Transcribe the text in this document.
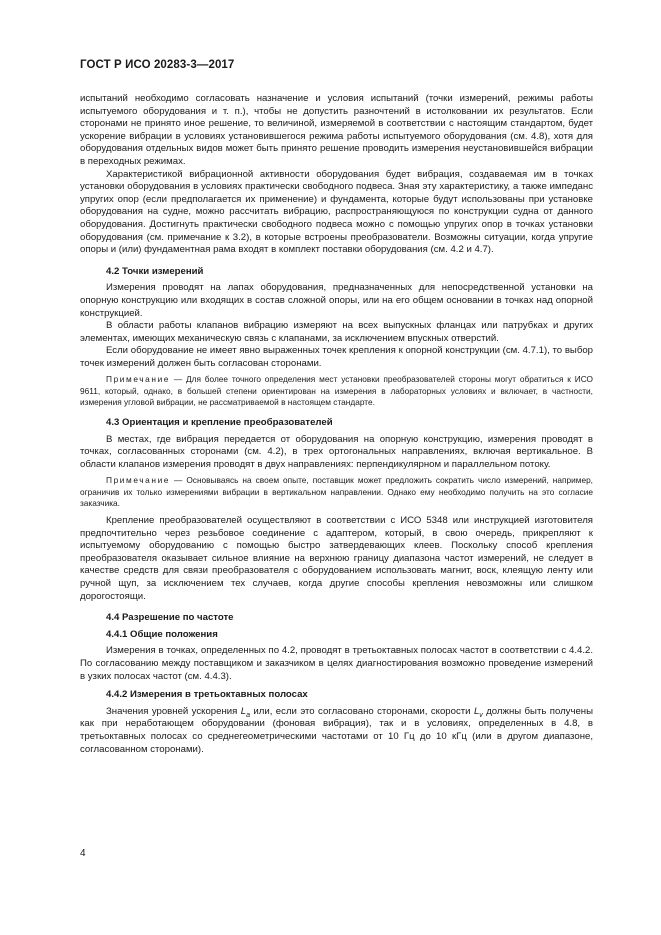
ГОСТ Р ИСО 20283-3—2017

испытаний необходимо согласовать назначение и условия испытаний (точки измерений, режимы работы испытуемого оборудования и т. п.), чтобы не допустить разночтений в истолковании их результатов. Если сторонами не принято иное решение, то величиной, измеряемой в соответствии с настоящим стандартом, будет ускорение вибрации в условиях установившегося режима работы испытуемого оборудования (см. 4.8), хотя для оборудования отдельных видов может быть принято решение проводить измерения неустановившейся вибрации в переходных режимах.

Характеристикой вибрационной активности оборудования будет вибрация, создаваемая им в точках установки оборудования в условиях практически свободного подвеса. Зная эту характеристику, а также импеданс упругих опор (если предполагается их применение) и фундамента, которые будут использованы при установке оборудования на судне, можно рассчитать вибрацию, распространяющуюся по конструкции судна от данного оборудования. Достигнуть практически свободного подвеса можно с помощью упругих опор в точках установки оборудования (см. примечание к 3.2), в которые встроены преобразователи. Возможны ситуации, когда упругие опоры и (или) фундаментная рама входят в комплект поставки оборудования (см. 4.2 и 4.7).

4.2 Точки измерений

Измерения проводят на лапах оборудования, предназначенных для непосредственной установки на опорную конструкцию или входящих в состав сложной опоры, или на его общем основании в точках над опорной конструкцией.

В области работы клапанов вибрацию измеряют на всех выпускных фланцах или патрубках и других элементах, имеющих механическую связь с клапанами, за исключением впускных отверстий.

Если оборудование не имеет явно выраженных точек крепления к опорной конструкции (см. 4.7.1), то выбор точек измерений должен быть согласован сторонами.

Примечание — Для более точного определения мест установки преобразователей стороны могут обратиться к ИСО 9611, который, однако, в большей степени ориентирован на измерения в лабораторных условиях и включает, в частности, измерения угловой вибрации, не рассматриваемой в настоящем стандарте.

4.3 Ориентация и крепление преобразователей

В местах, где вибрация передается от оборудования на опорную конструкцию, измерения проводят в точках, согласованных сторонами (см. 4.2), в трех ортогональных направлениях, включая вертикальное. В области клапанов измерения проводят в двух направлениях: перпендикулярном и параллельном потоку.

Примечание — Основываясь на своем опыте, поставщик может предложить сократить число измерений, например, ограничив их только измерениями вибрации в вертикальном направлении. Однако ему необходимо получить на это согласие заказчика.

Крепление преобразователей осуществляют в соответствии с ИСО 5348 или инструкцией изготовителя предпочтительно через резьбовое соединение с адаптером, который, в свою очередь, прикрепляют к испытуемому оборудованию с помощью быстро затвердевающих клеев. Поскольку способ крепления преобразователя оказывает сильное влияние на верхнюю границу диапазона частот измерений, не следует в качестве средств для связи преобразователя с оборудованием использовать магнит, воск, клеящую ленту или ручной щуп, за исключением тех случаев, когда другие способы крепления невозможны или слишком дорогостоящи.

4.4 Разрешение по частоте

4.4.1 Общие положения

Измерения в точках, определенных по 4.2, проводят в третьоктавных полосах частот в соответствии с 4.4.2. По согласованию между поставщиком и заказчиком в целях диагностирования возможно проведение измерений в узких полосах частот (см. 4.4.3).

4.4.2 Измерения в третьоктавных полосах

Значения уровней ускорения $L_a$ или, если это согласовано сторонами, скорости $L_v$ должны быть получены как при неработающем оборудовании (фоновая вибрация), так и в условиях, определенных в 4.8, в третьоктавных полосах со среднегеометрическими частотами от 10 Гц до 10 кГц (или в другом диапазоне, согласованном сторонами).

4
